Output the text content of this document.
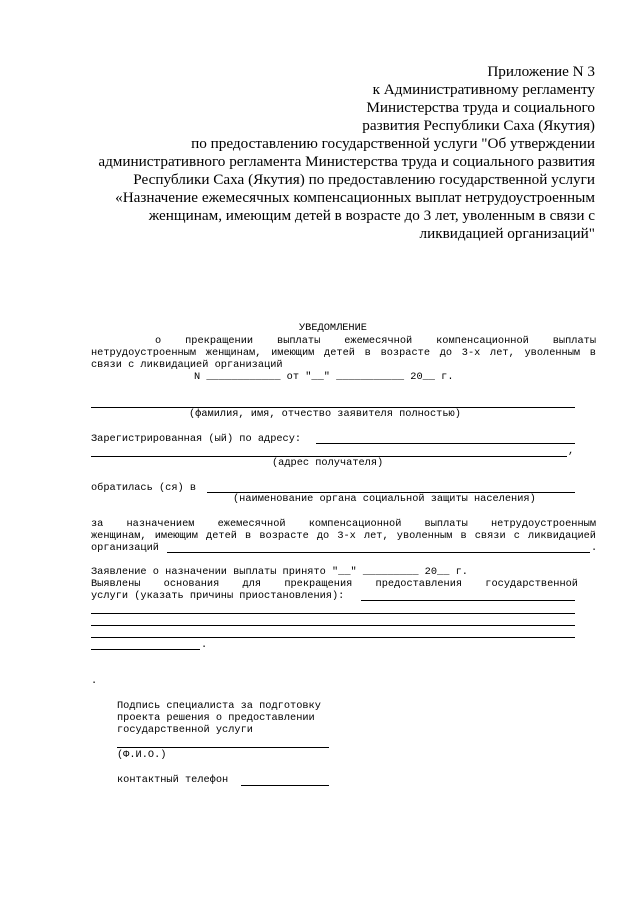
Приложение N 3
к Административному регламенту
Министерства труда и социального
развития Республики Саха (Якутия)
по предоставлению государственной услуги "Об утверждении
административного регламента Министерства труда и социального развития
Республики Саха (Якутия) по предоставлению государственной услуги
«Назначение ежемесячных компенсационных выплат нетрудоустроенным
женщинам, имеющим детей в возрасте до 3 лет, уволенным в связи с
ликвидацией организаций"
УВЕДОМЛЕНИЕ
о прекращении выплаты ежемесячной компенсационной выплаты
нетрудоустроенным женщинам, имеющим детей в возрасте до 3-х лет, уволенным в
связи с ликвидацией организаций
N ____________ от "__" ___________ 20__ г.
(фамилия, имя, отчество заявителя полностью)
Зарегистрированная (ый) по адресу:
,
(адрес получателя)
обратилась (ся) в
(наименование органа социальной защиты населения)
за назначением ежемесячной компенсационной выплаты нетрудоустроенным
женщинам, имеющим детей в возрасте до 3-х лет, уволенным в связи с ликвидацией
организаций	.
Заявление о назначении выплаты принято "__" _________ 20__ г.
Выявлены основания для прекращения предоставления государственной
услуги (указать причины приостановления):
.
.
Подпись специалиста за подготовку
проекта решения о предоставлении
государственной услуги
(Ф.И.О.)
контактный телефон
